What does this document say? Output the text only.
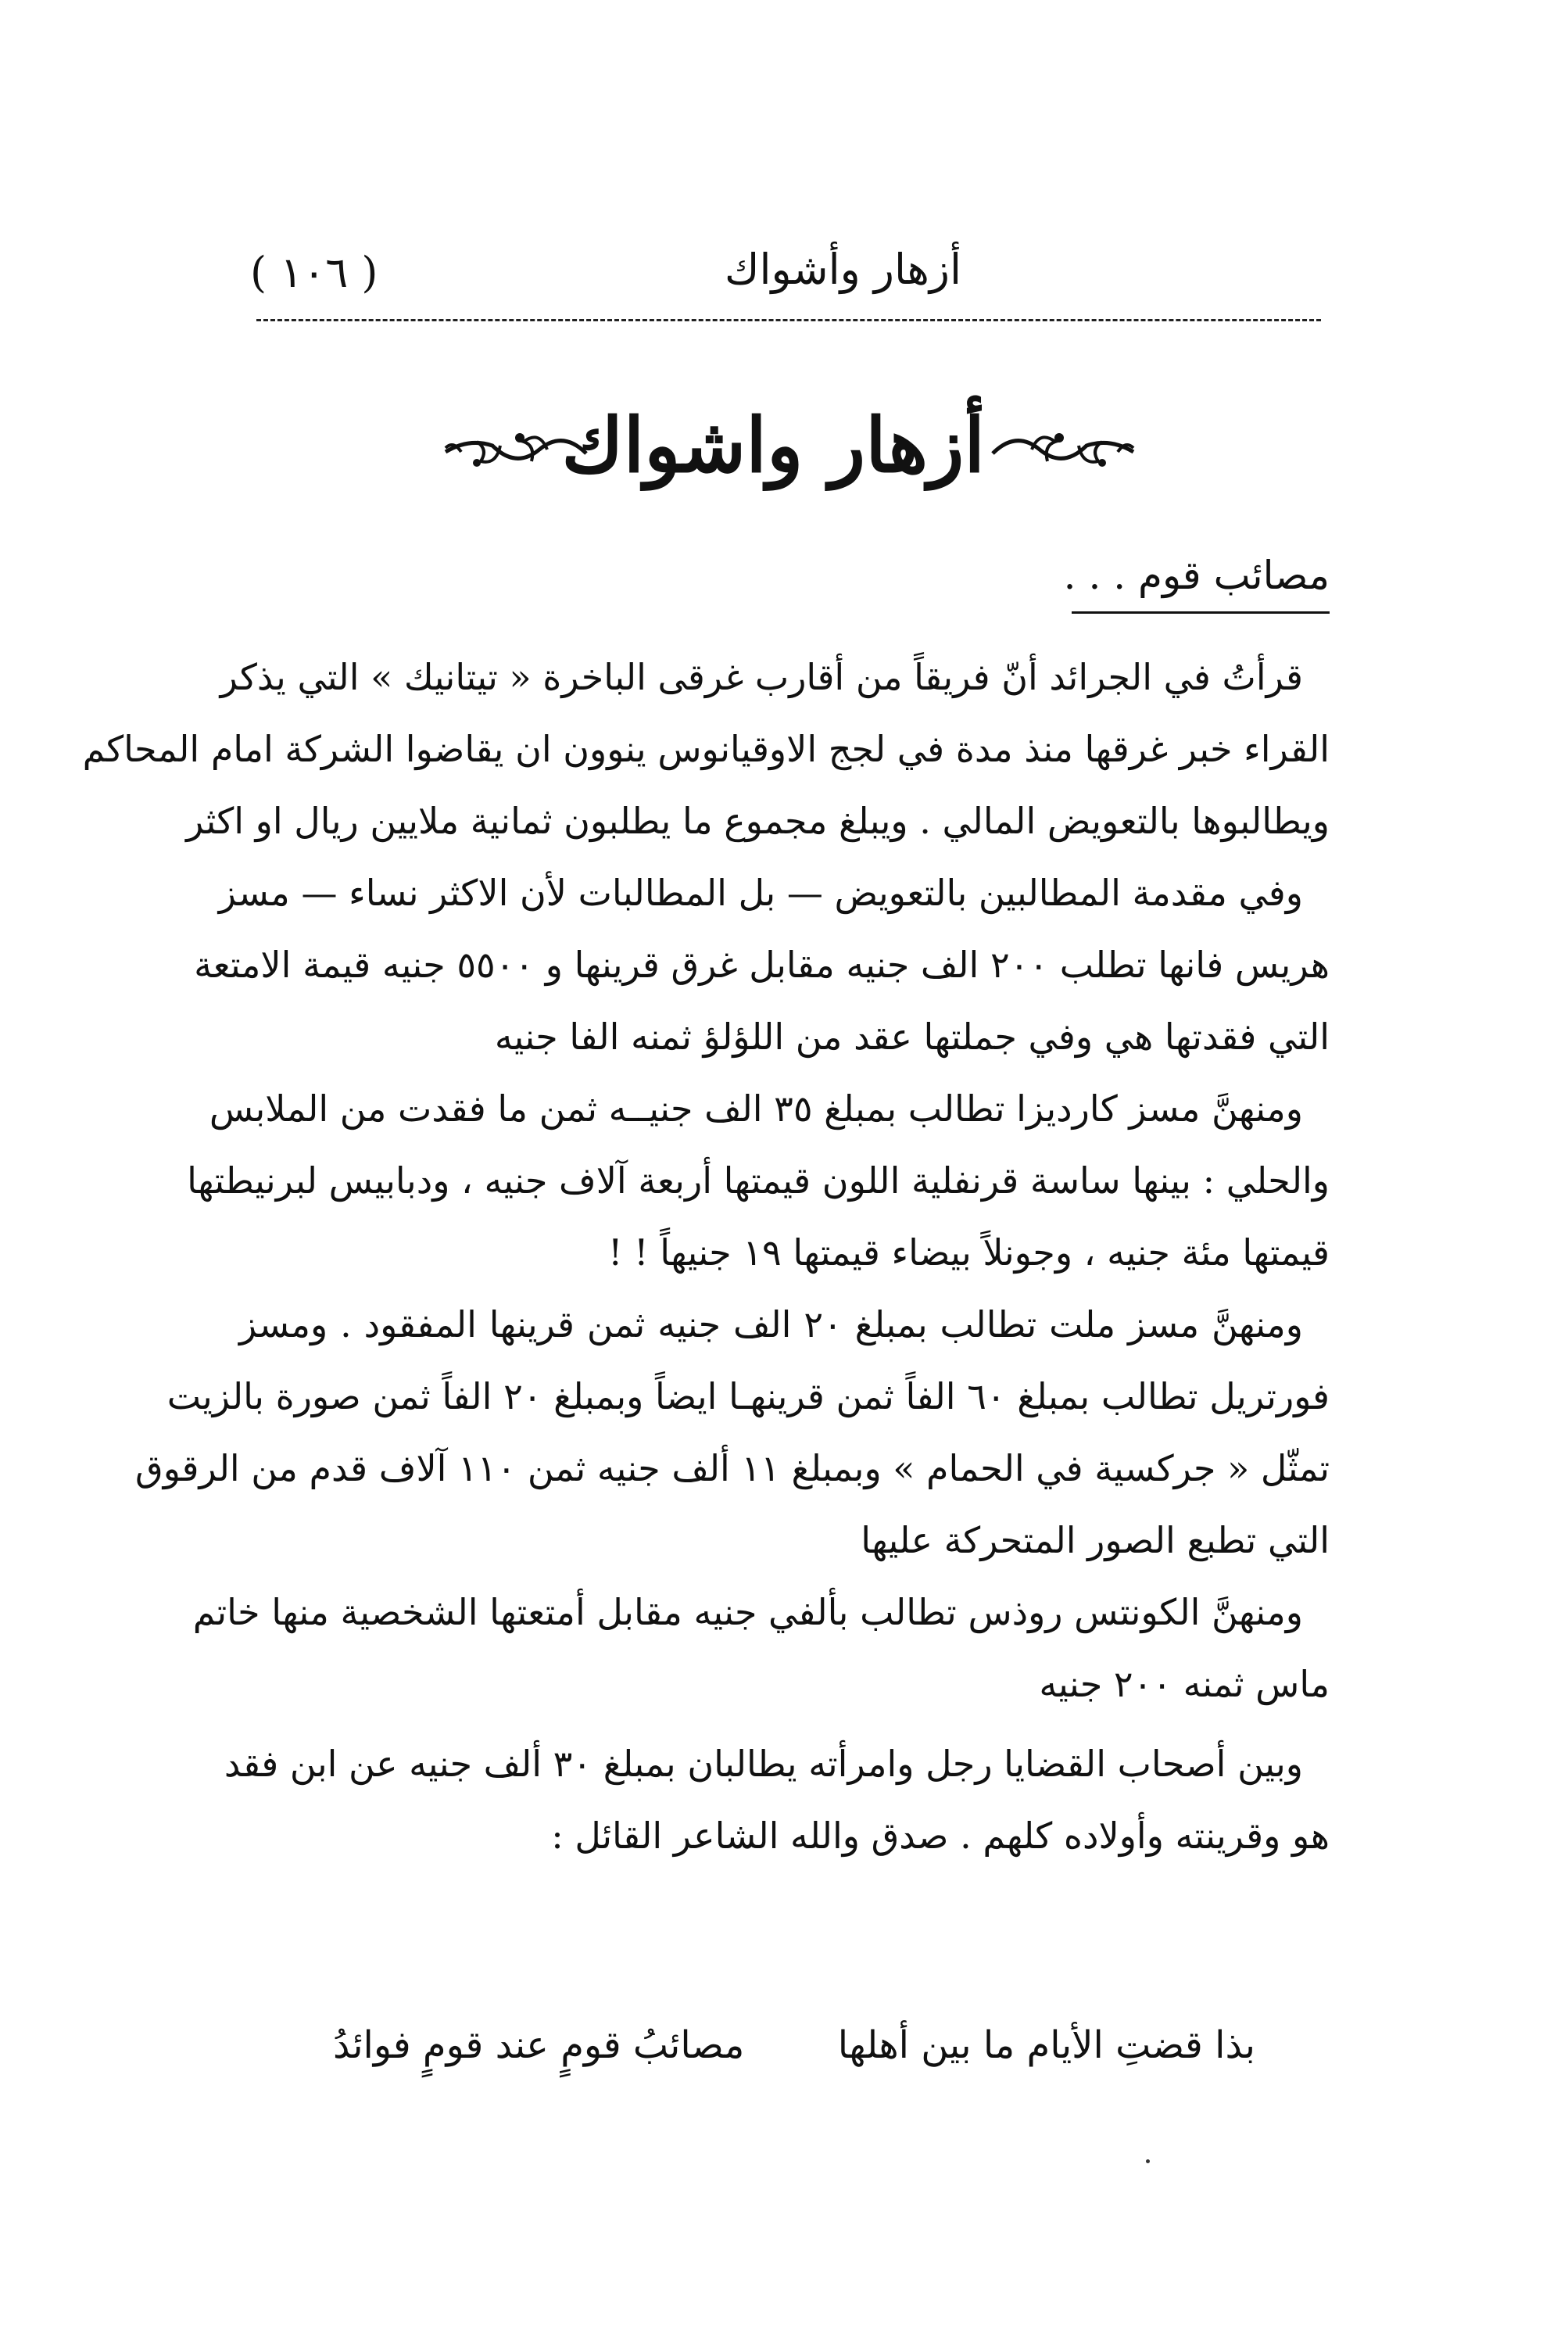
أزهار وأشواك
( ١٠٦ )
أزهار واشواك
مصائب قوم . . .
قرأتُ في الجرائد أنّ فريقاً من أقارب غرقى الباخرة « تيتانيك » التي يذكر
القراء خبر غرقها منذ مدة في لجج الاوقيانوس ينوون ان يقاضوا الشركة امام المحاكم
ويطالبوها بالتعويض المالي . ويبلغ مجموع ما يطلبون ثمانية ملايين ريال او اكثر
وفي مقدمة المطالبين بالتعويض — بل المطالبات لأن الاكثر نساء — مسز
هريس فانها تطلب ٢٠٠ الف جنيه مقابل غرق قرينها و ٥٥٠٠ جنيه قيمة الامتعة
التي فقدتها هي وفي جملتها عقد من اللؤلؤ ثمنه الفا جنيه
ومنهنَّ مسز كارديزا تطالب بمبلغ ٣٥ الف جنيــه ثمن ما فقدت من الملابس
والحلي : بينها ساسة قرنفلية اللون قيمتها أربعة آلاف جنيه ، ودبابيس لبرنيطتها
قيمتها مئة جنيه ، وجونلاً بيضاء قيمتها ١٩ جنيهاً ! !
ومنهنَّ مسز ملت تطالب بمبلغ ٢٠ الف جنيه ثمن قرينها المفقود . ومسز
فورتريل تطالب بمبلغ ٦٠ الفاً ثمن قرينهـا ايضاً وبمبلغ ٢٠ الفاً ثمن صورة بالزيت
تمثّل « جركسية في الحمام » وبمبلغ ١١ ألف جنيه ثمن ١١٠ آلاف قدم من الرقوق
التي تطبع الصور المتحركة عليها
ومنهنَّ الكونتس روذس تطالب بألفي جنيه مقابل أمتعتها الشخصية منها خاتم
ماس ثمنه ٢٠٠ جنيه
وبين أصحاب القضايا رجل وامرأته يطالبان بمبلغ ٣٠ ألف جنيه عن ابن فقد
هو وقرينته وأولاده كلهم . صدق والله الشاعر القائل :
بذا قضتِ الأيام ما بين أهلها
مصائبُ قومٍ عند قومٍ فوائدُ
